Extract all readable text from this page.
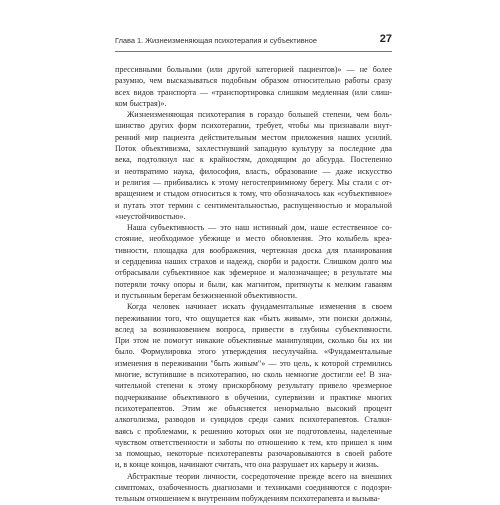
Глава 1. Жизнеизменяющая психотерапия и субъективное	27
прессивными больными (или другой категорией пациентов)» — не более
разумно, чем высказываться подобным образом относительно работы сразу
всех видов транспорта — «транспортировка слишком медленная (или слиш-
ком быстрая)».
Жизнеизменяющая психотерапия в гораздо большей степени, чем боль-
шинство других форм психотерапии, требует, чтобы мы признавали внут-
ренний мир пациента действительным местом приложения наших усилий.
Поток объективизма, захлестнувший западную культуру за последние два
века, подтолкнул нас к крайностям, доходящим до абсурда. Постепенно
и неотвратимо наука, философия, власть, образование — даже искусство
и религия — прибивались к этому негостеприимному берегу. Мы стали с от-
вращением и стыдом относиться к тому, что обозначалось как «субъективное»
и путать этот термин с сентиментальностью, распущенностью и моральной
«неустойчивостью».
Наша субъективность — это наш истинный дом, наше естественное со-
стояние, необходимое убежище и место обновления. Это колыбель креа-
тивности, площадка для воображения, чертежная доска для планирования
и сердцевина наших страхов и надежд, скорби и радости. Слишком долго мы
отбрасывали субъективное как эфемерное и малозначащее; в результате мы
потеряли точку опоры и были, как магнитом, притянуты к мелким гаваням
и пустынным берегам безжизненной объективности.
Когда человек начинает искать фундаментальные изменения в своем
переживании того, что ощущается как «быть живым», эти поиски должны,
вслед за возникновением вопроса, привести в глубины субъективности.
При этом не помогут никакие объективные манипуляции, сколько бы их ни
было. Формулировка этого утверждения несулучайна. «Фундаментальные
изменения в переживании "быть живым"» — это цель, к которой стремились
многие, вступившие в психотерапию, но сколь немногие достигли ее! В зна-
чительной степени к этому прискорбному результату привело чрезмерное
подчеркивание объективного в обучении, супервизии и практике многих
психотерапевтов. Этим же объясняется ненормально высокий процент
алкоголизма, разводов и суицидов среди самих психотерапевтов. Сталки-
ваясь с проблемами, к решению которых они не подготовлены, наделенные
чувством ответственности и заботы по отношению к тем, кто пришел к ним
за помощью, некоторые психотерапевты разочаровываются в своей работе
и, в конце концов, начинают считать, что она разрушает их карьеру и жизнь.
Абстрактные теории личности, сосредоточение прежде всего на внешних
симптомах, озабоченность диагнозами и техниками соединяются с подозри-
тельным отношением к внутренним побуждениям психотерапевта и вызыва-
